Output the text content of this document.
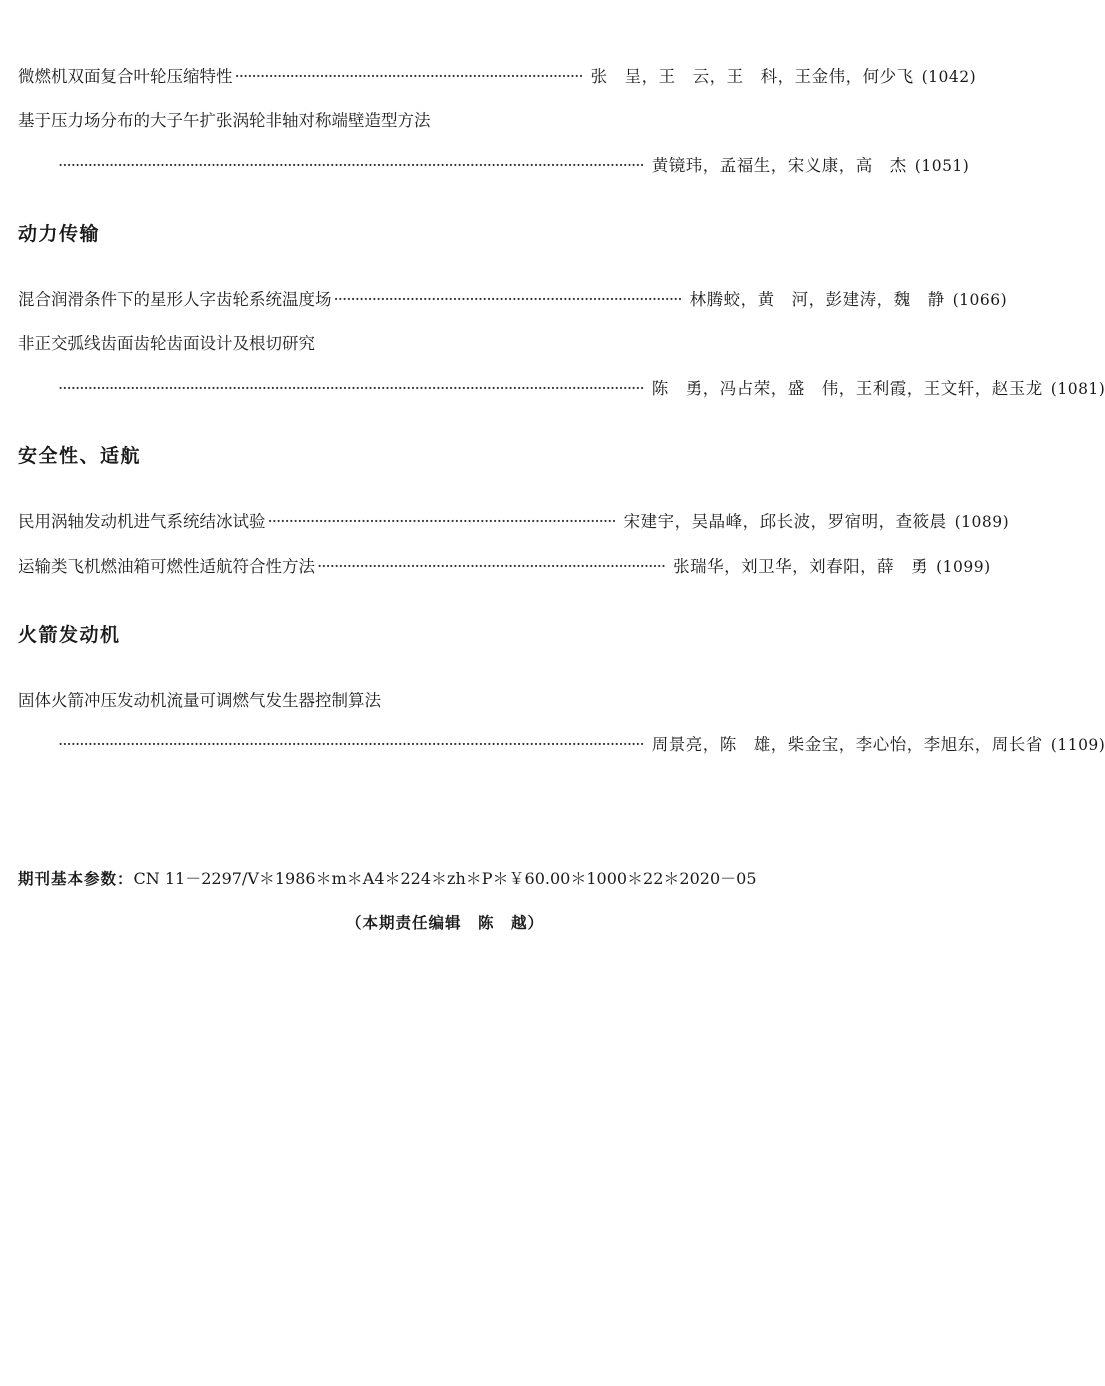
微燃机双面复合叶轮压缩特性 ·················································································· 张　呈，王　云，王　科，王金伟，何少飞 (1042)
基于压力场分布的大子午扩张涡轮非轴对称端壁造型方法
·········································································································································· 黄镜玮，孟福生，宋义康，高　杰 (1051)
动力传输
混合润滑条件下的星形人字齿轮系统温度场 ·················································································· 林腾蛟，黄　河，彭建涛，魏　静 (1066)
非正交弧线齿面齿轮齿面设计及根切研究
·········································································································································· 陈　勇，冯占荣，盛　伟，王利霞，王文轩，赵玉龙 (1081)
安全性、适航
民用涡轴发动机进气系统结冰试验 ·················································································· 宋建宇，吴晶峰，邱长波，罗宿明，查筱晨 (1089)
运输类飞机燃油箱可燃性适航符合性方法 ·················································································· 张瑞华，刘卫华，刘春阳，薛　勇 (1099)
火箭发动机
固体火箭冲压发动机流量可调燃气发生器控制算法
·········································································································································· 周景亮，陈　雄，柴金宝，李心怡，李旭东，周长省 (1109)
期刊基本参数：CN 11－2297/V＊1986＊m＊A4＊224＊zh＊P＊￥60.00＊1000＊22＊2020－05
（本期责任编辑　陈　越）
